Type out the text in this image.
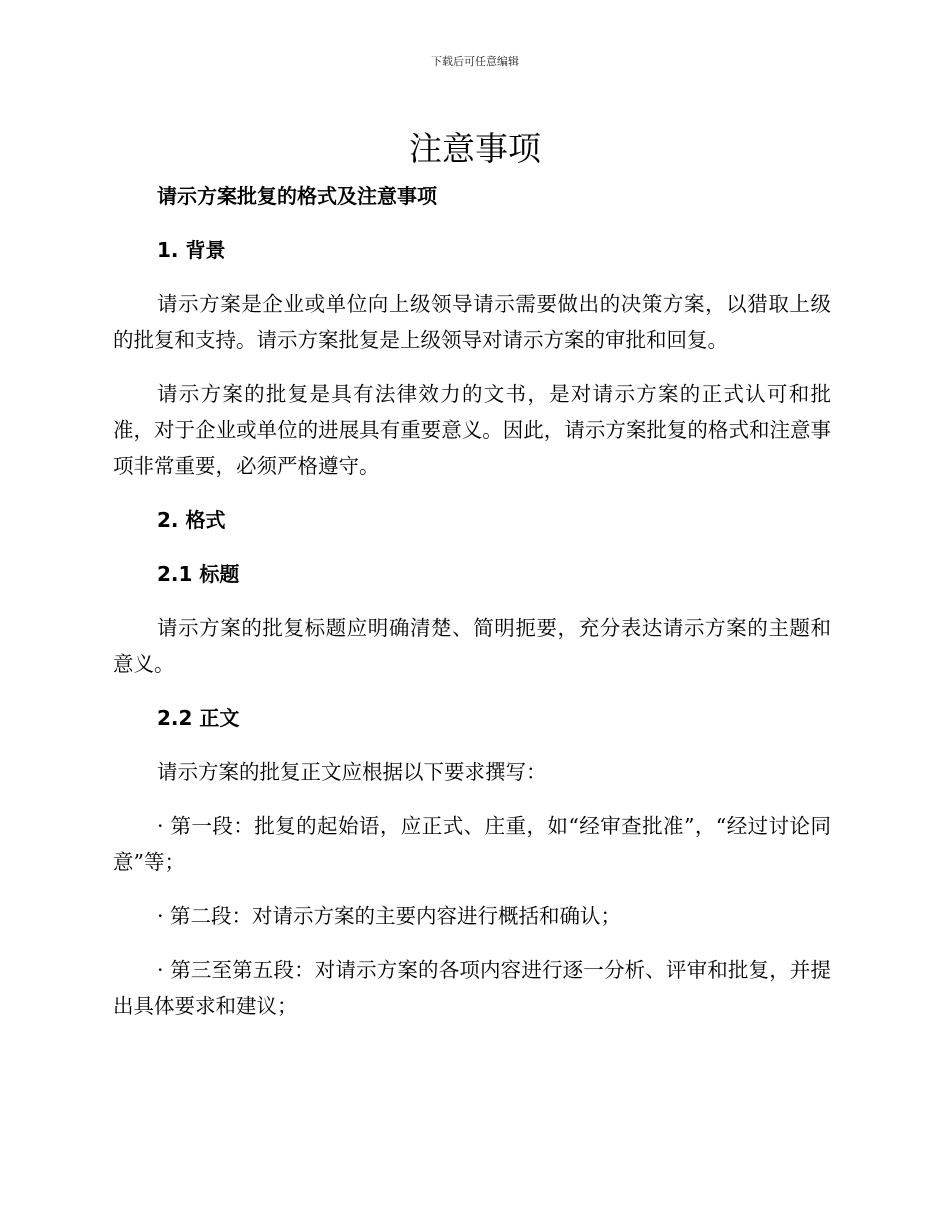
下载后可任意编辑
注意事项

请示方案批复的格式及注意事项

1. 背景

请示方案是企业或单位向上级领导请示需要做出的决策方案，以猎取上级的批复和支持。请示方案批复是上级领导对请示方案的审批和回复。

请示方案的批复是具有法律效力的文书，是对请示方案的正式认可和批准，对于企业或单位的进展具有重要意义。因此，请示方案批复的格式和注意事项非常重要，必须严格遵守。

2. 格式

2.1 标题

请示方案的批复标题应明确清楚、简明扼要，充分表达请示方案的主题和意义。

2.2 正文

请示方案的批复正文应根据以下要求撰写：

· 第一段：批复的起始语，应正式、庄重，如“经审查批准”，“经过讨论同意”等；

· 第二段：对请示方案的主要内容进行概括和确认；

· 第三至第五段：对请示方案的各项内容进行逐一分析、评审和批复，并提出具体要求和建议；
